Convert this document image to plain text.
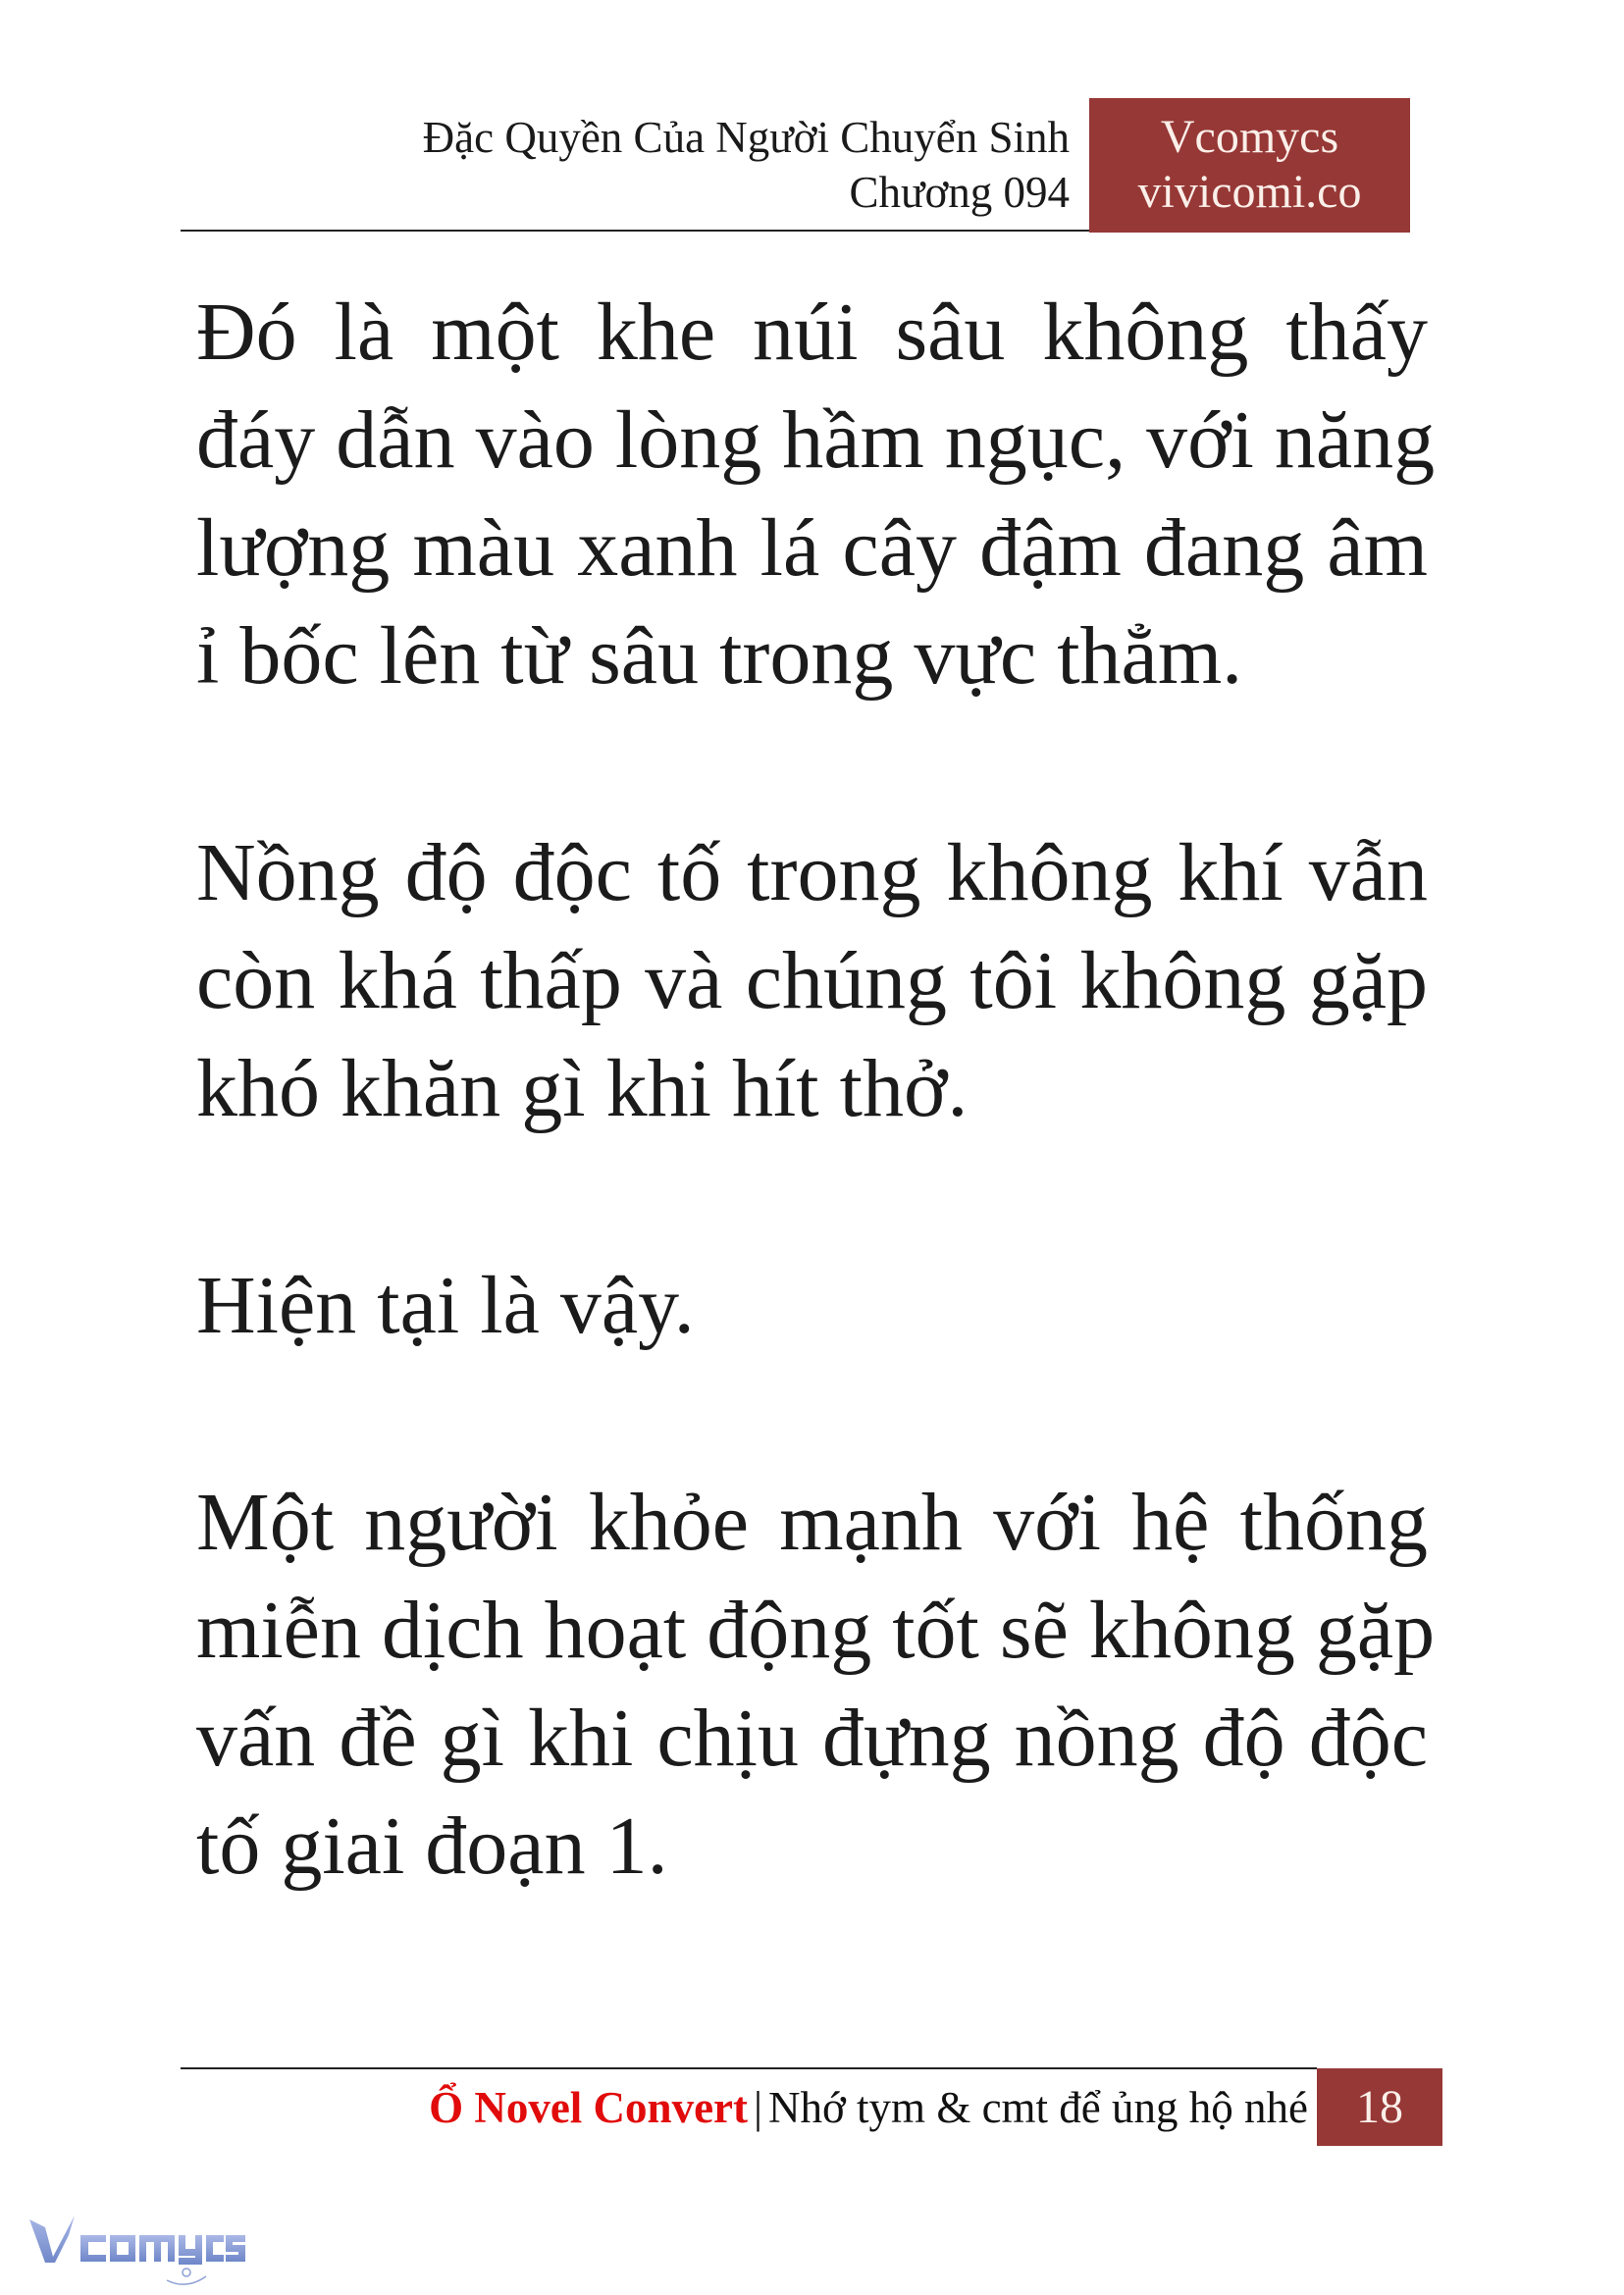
Đặc Quyền Của Người Chuyển Sinh
Chương 094
Vcomycs
vivicomi.co
Đó là một khe núi sâu không thấy
đáy dẫn vào lòng hầm ngục, với năng
lượng màu xanh lá cây đậm đang âm
ỉ bốc lên từ sâu trong vực thẳm.
Nồng độ độc tố trong không khí vẫn
còn khá thấp và chúng tôi không gặp
khó khăn gì khi hít thở.
Hiện tại là vậy.
Một người khỏe mạnh với hệ thống
miễn dịch hoạt động tốt sẽ không gặp
vấn đề gì khi chịu đựng nồng độ độc
tố giai đoạn 1.
Ổ Novel Convert | Nhớ tym & cmt để ủng hộ nhé	18
